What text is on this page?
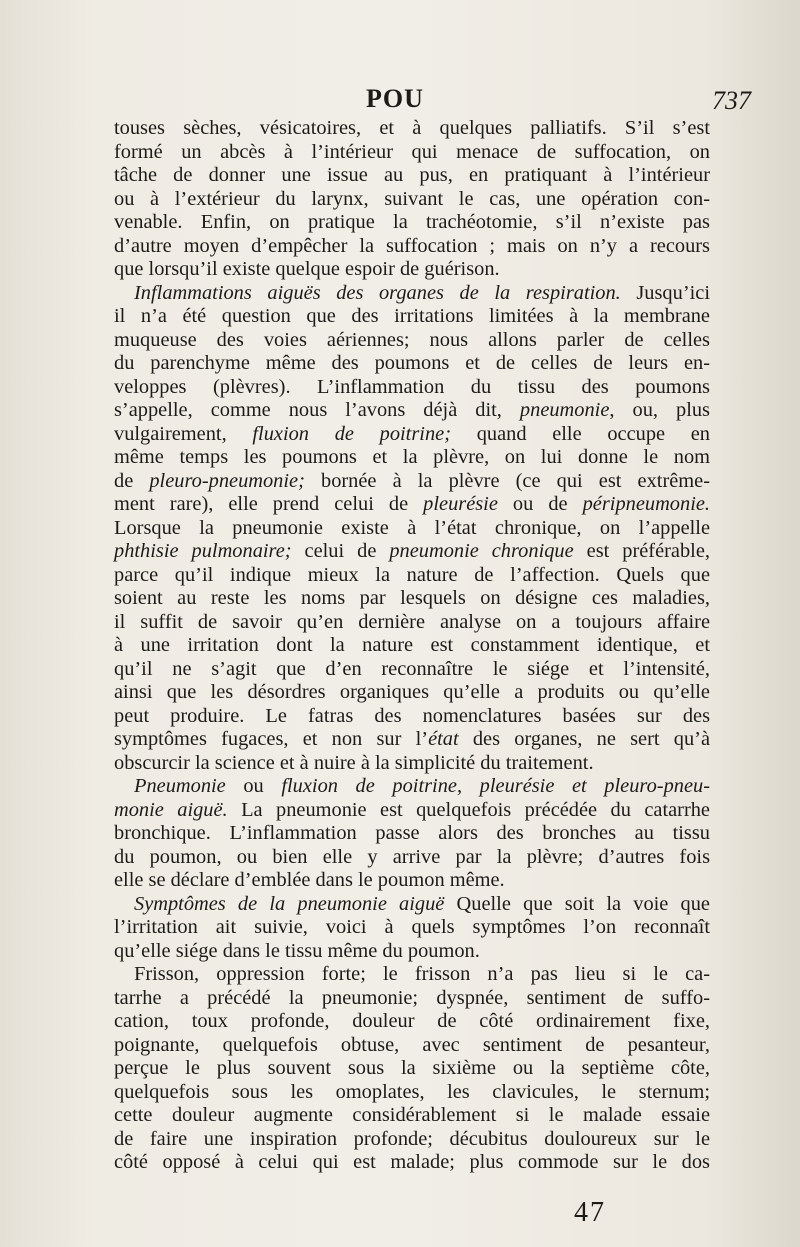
POU	737
touses sèches, vésicatoires, et à quelques palliatifs. S’il s’est
formé un abcès à l’intérieur qui menace de suffocation, on
tâche de donner une issue au pus, en pratiquant à l’intérieur
ou à l’extérieur du larynx, suivant le cas, une opération con-
venable. Enfin, on pratique la trachéotomie, s’il n’existe pas
d’autre moyen d’empêcher la suffocation ; mais on n’y a recours
que lorsqu’il existe quelque espoir de guérison.
Inflammations aiguës des organes de la respiration. Jusqu’ici
il n’a été question que des irritations limitées à la membrane
muqueuse des voies aériennes; nous allons parler de celles
du parenchyme même des poumons et de celles de leurs en-
veloppes (plèvres). L’inflammation du tissu des poumons
s’appelle, comme nous l’avons déjà dit, pneumonie, ou, plus
vulgairement, fluxion de poitrine; quand elle occupe en
même temps les poumons et la plèvre, on lui donne le nom
de pleuro-pneumonie; bornée à la plèvre (ce qui est extrême-
ment rare), elle prend celui de pleurésie ou de péripneumonie.
Lorsque la pneumonie existe à l’état chronique, on l’appelle
phthisie pulmonaire; celui de pneumonie chronique est préférable,
parce qu’il indique mieux la nature de l’affection. Quels que
soient au reste les noms par lesquels on désigne ces maladies,
il suffit de savoir qu’en dernière analyse on a toujours affaire
à une irritation dont la nature est constamment identique, et
qu’il ne s’agit que d’en reconnaître le siége et l’intensité,
ainsi que les désordres organiques qu’elle a produits ou qu’elle
peut produire. Le fatras des nomenclatures basées sur des
symptômes fugaces, et non sur l’état des organes, ne sert qu’à
obscurcir la science et à nuire à la simplicité du traitement.
Pneumonie ou fluxion de poitrine, pleurésie et pleuro-pneu-
monie aiguë. La pneumonie est quelquefois précédée du catarrhe
bronchique. L’inflammation passe alors des bronches au tissu
du poumon, ou bien elle y arrive par la plèvre; d’autres fois
elle se déclare d’emblée dans le poumon même.
Symptômes de la pneumonie aiguë Quelle que soit la voie que
l’irritation ait suivie, voici à quels symptômes l’on reconnaît
qu’elle siége dans le tissu même du poumon.
Frisson, oppression forte; le frisson n’a pas lieu si le ca-
tarrhe a précédé la pneumonie; dyspnée, sentiment de suffo-
cation, toux profonde, douleur de côté ordinairement fixe,
poignante, quelquefois obtuse, avec sentiment de pesanteur,
perçue le plus souvent sous la sixième ou la septième côte,
quelquefois sous les omoplates, les clavicules, le sternum;
cette douleur augmente considérablement si le malade essaie
de faire une inspiration profonde; décubitus douloureux sur le
côté opposé à celui qui est malade; plus commode sur le dos
47
